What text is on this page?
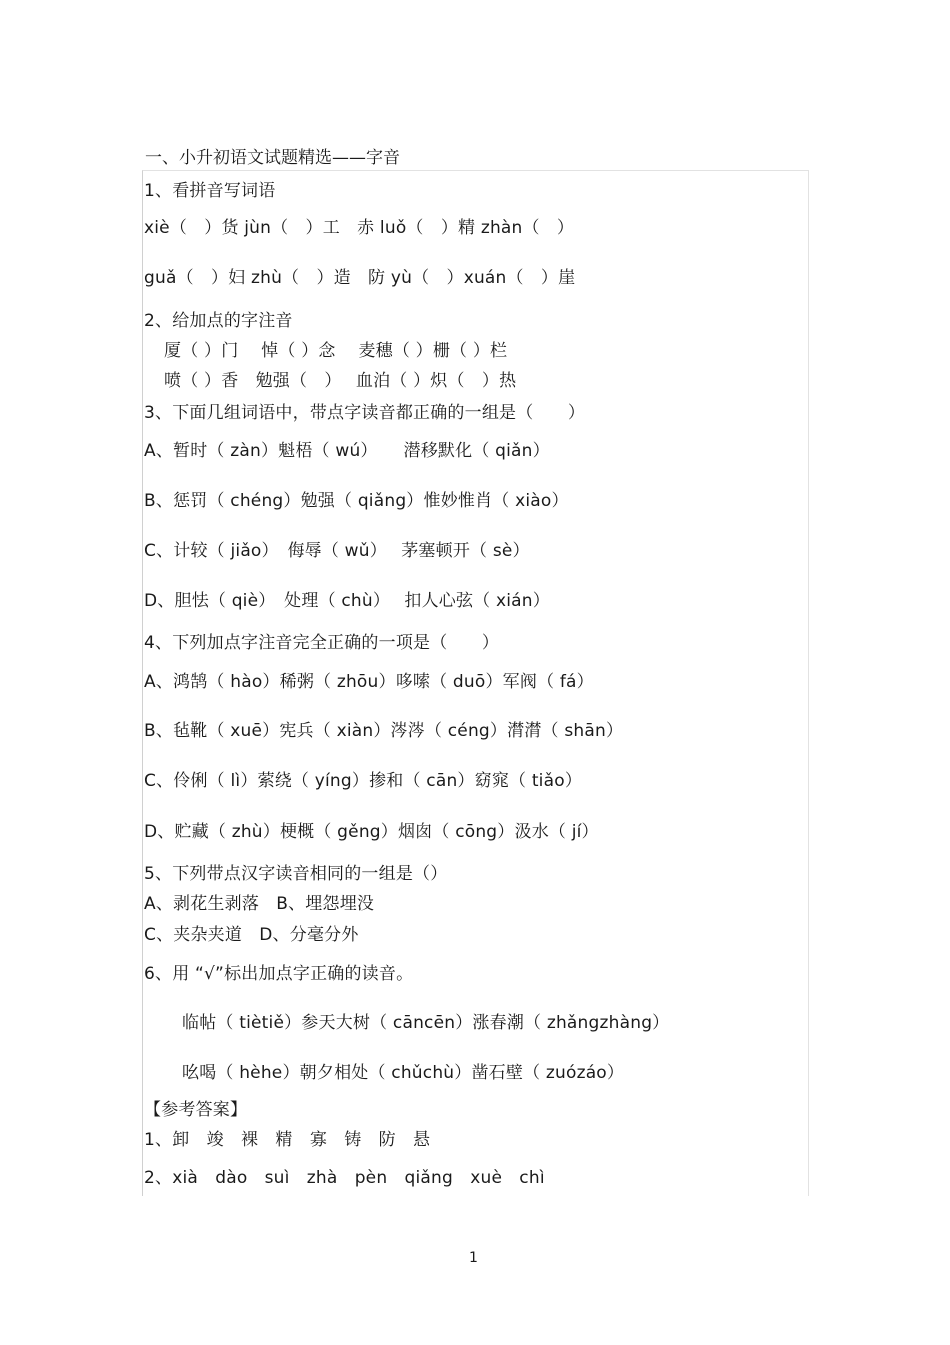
一、小升初语文试题精选——字音
1、看拼音写词语
xiè（　）货 jùn（　）工　赤 luǒ（　）精 zhàn（　）
guǎ（　）妇 zhù（　）造　防 yù（　）xuán（　）崖
2、给加点的字注音
厦（ ）门　 悼（ ）念　 麦穗（ ）栅（ ）栏
喷（ ）香　勉强（　）　 血泊（ ）炽（　）热
3、下面几组词语中，带点字读音都正确的一组是（　　）
A、暂时（ zàn）魁梧（ wú）　　潜移默化（ qiǎn）
B、惩罚（ chéng）勉强（ qiǎng）惟妙惟肖（ xiào）
C、计较（ jiǎo）　侮辱（ wǔ）　 茅塞顿开（ sè）
D、胆怯（ qiè）　处理（ chù）　 扣人心弦（ xián）
4、下列加点字注音完全正确的一项是（　　）
A、鸿鹄（ hào）稀粥（ zhōu）哆嗦（ duō）军阀（ fá）
B、毡靴（ xuē）宪兵（ xiàn）涔涔（ céng）潸潸（ shān）
C、伶俐（ lì）萦绕（ yíng）掺和（ cān）窈窕（ tiǎo）
D、贮藏（ zhù）梗概（ gěng）烟囱（ cōng）汲水（ jí）
5、下列带点汉字读音相同的一组是（）
A、剥花生剥落　B、埋怨埋没
C、夹杂夹道　D、分毫分外
6、用 “√”标出加点字正确的读音。
临帖（ tiètiě）参天大树（ cāncēn）涨春潮（ zhǎngzhàng）
吆喝（ hèhe）朝夕相处（ chǔchù）凿石壁（ zuózáo）
【参考答案】
1、卸　竣　裸　精　寡　铸　防　悬
2、xià　dào　suì　zhà　pèn　qiǎng　xuè　chì
1
